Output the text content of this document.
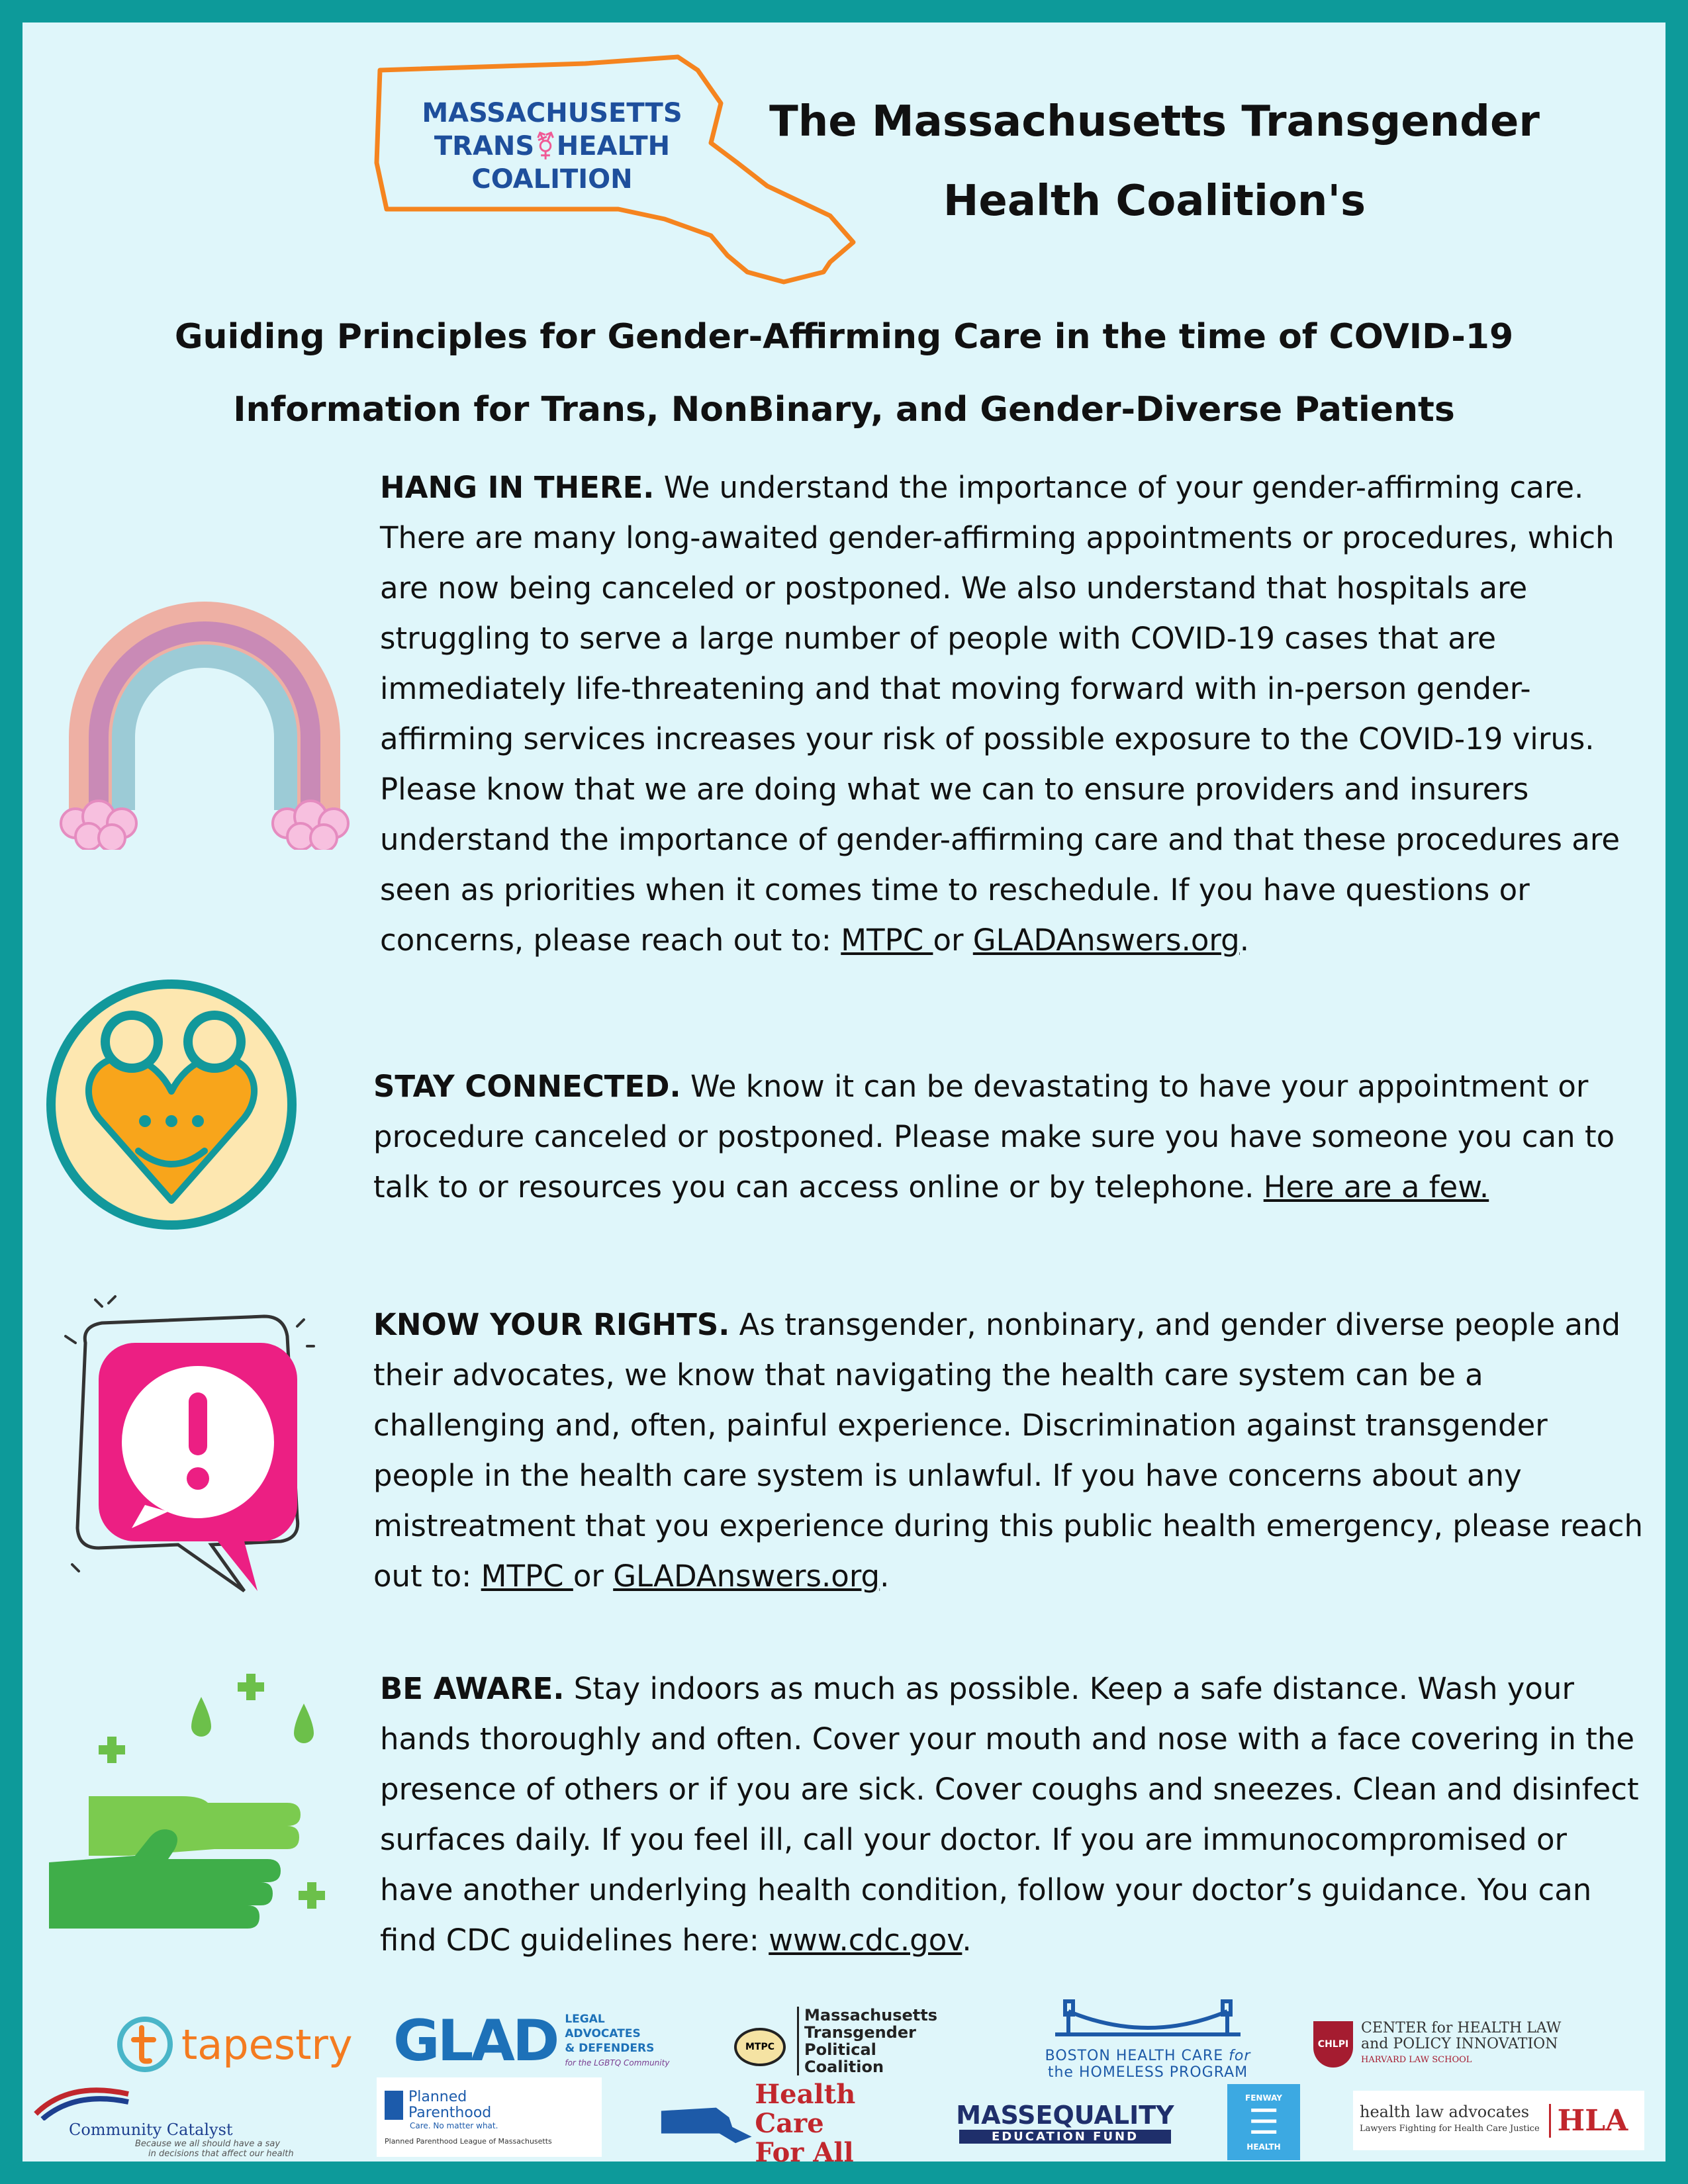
MASSACHUSETTS
TRANS⚧HEALTH
COALITION
The Massachusetts Transgender
Health Coalition's
Guiding Principles for Gender-Affirming Care in the time of COVID-19
Information for Trans, NonBinary, and Gender-Diverse Patients
HANG IN THERE. We understand the importance of your gender-affirming care. There are many long-awaited gender-affirming appointments or procedures, which are now being canceled or postponed. We also understand that hospitals are struggling to serve a large number of people with COVID-19 cases that are immediately life-threatening and that moving forward with in-person gender-affirming services increases your risk of possible exposure to the COVID-19 virus. Please know that we are doing what we can to ensure providers and insurers understand the importance of gender-affirming care and that these procedures are seen as priorities when it comes time to reschedule. If you have questions or concerns, please reach out to: MTPC or GLADAnswers.org.
STAY CONNECTED. We know it can be devastating to have your appointment or procedure canceled or postponed. Please make sure you have someone you can to talk to or resources you can access online or by telephone. Here are a few.
KNOW YOUR RIGHTS. As transgender, nonbinary, and gender diverse people and their advocates, we know that navigating the health care system can be a challenging and, often, painful experience. Discrimination against transgender people in the health care system is unlawful. If you have concerns about any mistreatment that you experience during this public health emergency, please reach out to: MTPC or GLADAnswers.org.
BE AWARE. Stay indoors as much as possible. Keep a safe distance. Wash your hands thoroughly and often. Cover your mouth and nose with a face covering in the presence of others or if you are sick. Cover coughs and sneezes. Clean and disinfect surfaces daily. If you feel ill, call your doctor. If you are immunocompromised or have another underlying health condition, follow your doctor’s guidance. You can find CDC guidelines here: www.cdc.gov.
tapestry GLAD LEGAL ADVOCATES
& DEFENDERS
for the LGBTQ Community
MTPC
Massachusetts
Transgender
Political
Coalition
BOSTON HEALTH CARE for
the HOMELESS PROGRAM
CHLPI
CENTER for HEALTH LAW
and POLICY INNOVATION
HARVARD LAW SCHOOL
Community Catalyst
Because we all should have a say
in decisions that affect our health
Planned
Parenthood
Care. No matter what.
Planned Parenthood League of Massachusetts
Health Care
For All
MASSEQUALITY
EDUCATION FUND
FENWAY
☰
HEALTH
health law advocates
Lawyers Fighting for Health Care Justice HLA
